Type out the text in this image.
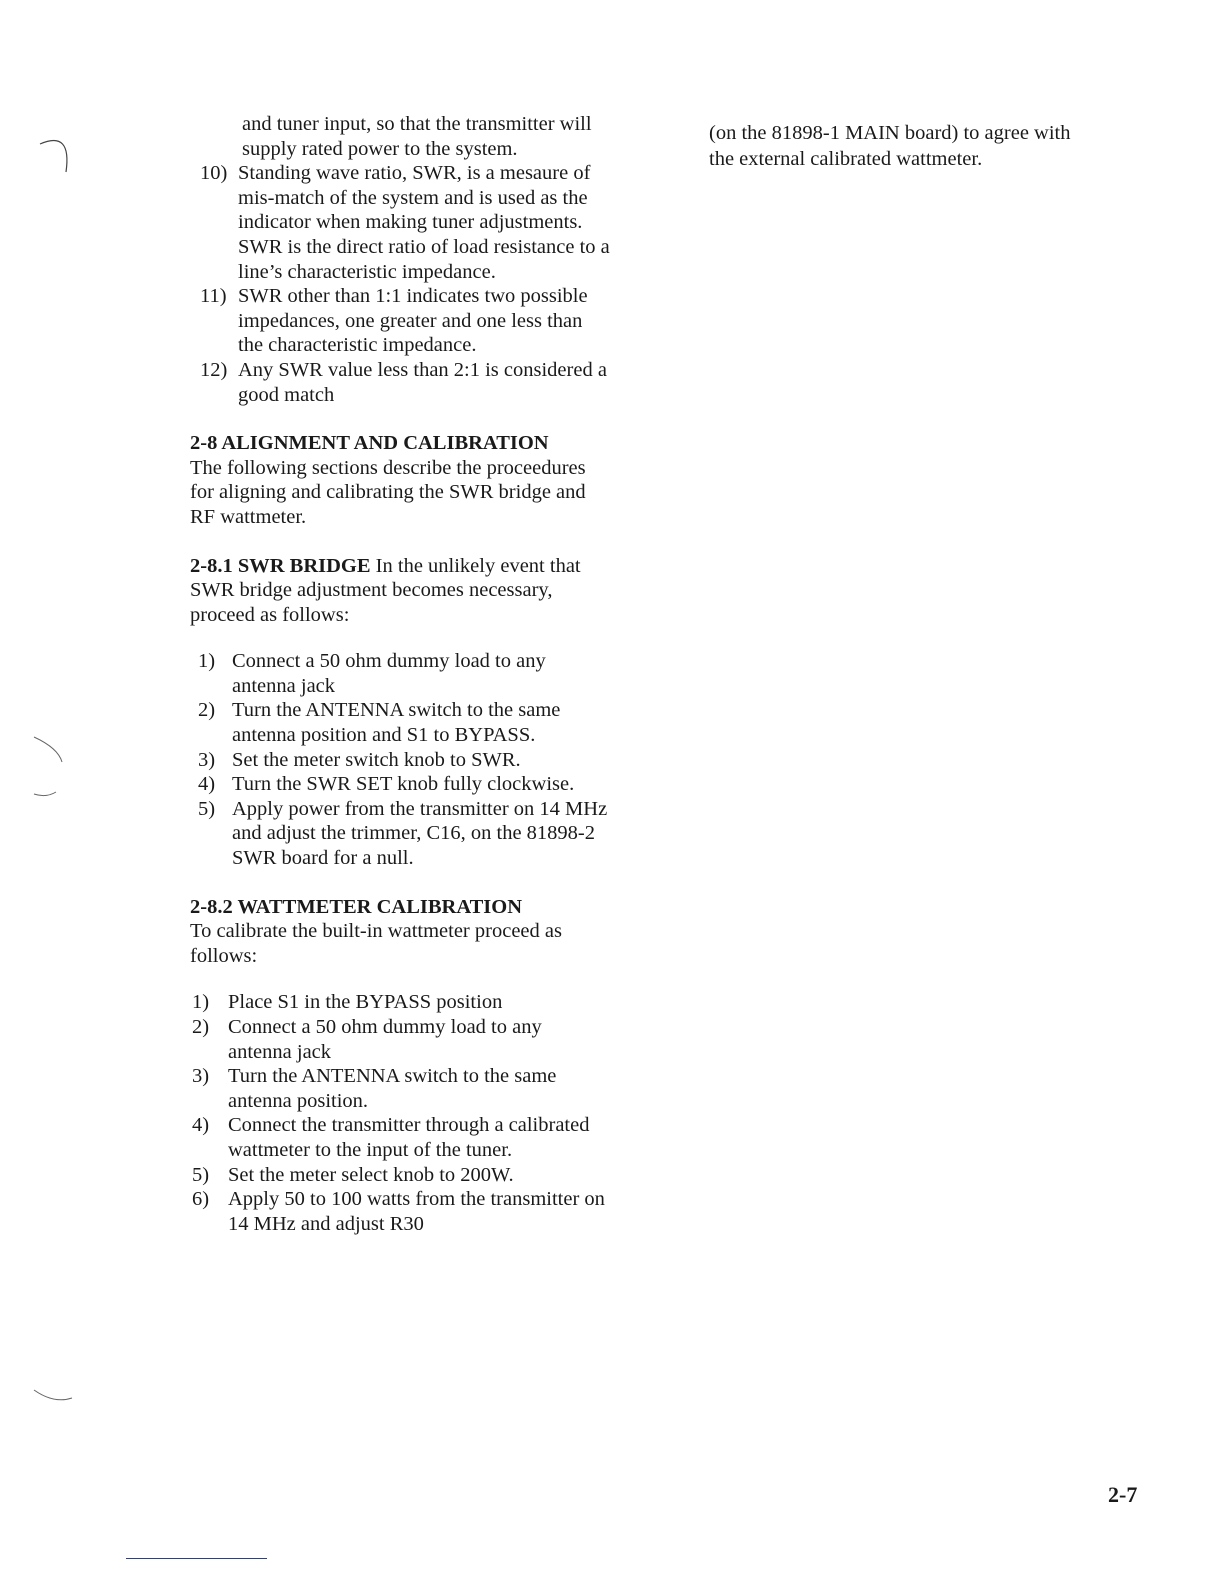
and tuner input, so that the transmitter will supply rated power to the system.

10) Standing wave ratio, SWR, is a mesaure of mis-match of the system and is used as the indicator when making tuner adjustments. SWR is the direct ratio of load resistance to a line’s characteristic impedance.
11) SWR other than 1:1 indicates two possible impedances, one greater and one less than the characteristic impedance.
12) Any SWR value less than 2:1 is considered a good match
2-8 ALIGNMENT AND CALIBRATION

The following sections describe the proceedures for aligning and calibrating the SWR bridge and RF wattmeter.

2-8.1 SWR BRIDGE In the unlikely event that SWR bridge adjustment becomes necessary, proceed as follows:

1) Connect a 50 ohm dummy load to any antenna jack
2) Turn the ANTENNA switch to the same antenna position and S1 to BYPASS.
3) Set the meter switch knob to SWR.
4) Turn the SWR SET knob fully clockwise.
5) Apply power from the transmitter on 14 MHz and adjust the trimmer, C16, on the 81898-2 SWR board for a null.
2-8.2 WATTMETER CALIBRATION

To calibrate the built-in wattmeter proceed as follows:

1) Place S1 in the BYPASS position
2) Connect a 50 ohm dummy load to any antenna jack
3) Turn the ANTENNA switch to the same antenna position.
4) Connect the transmitter through a calibrated wattmeter to the input of the tuner.
5) Set the meter select knob to 200W.
6) Apply 50 to 100 watts from the transmitter on 14 MHz and adjust R30

(on the 81898-1 MAIN board) to agree with the external calibrated wattmeter.

2-7
